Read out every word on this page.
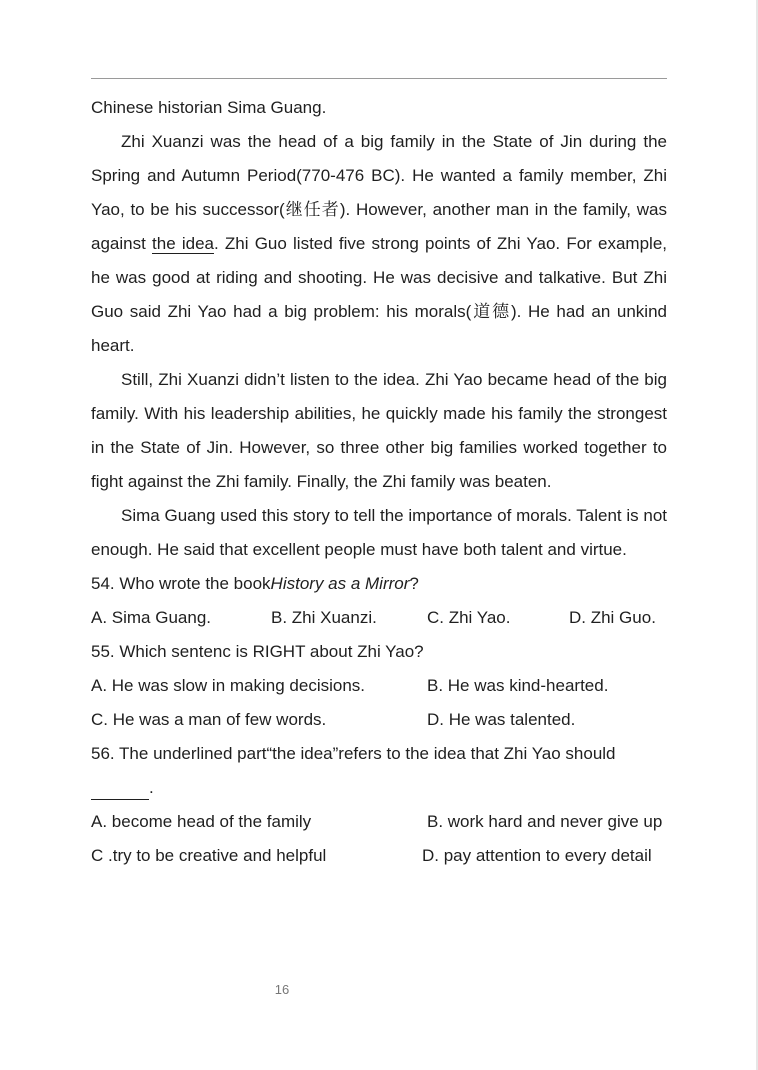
Chinese historian Sima Guang.

Zhi Xuanzi was the head of a big family in the State of Jin during the Spring and Autumn Period(770-476 BC). He wanted a family member, Zhi Yao, to be his successor(继任者). However, another man in the family, was against the idea. Zhi Guo listed five strong points of Zhi Yao. For example, he was good at riding and shooting. He was decisive and talkative. But Zhi Guo said Zhi Yao had a big problem: his morals(道德). He had an unkind heart.

Still, Zhi Xuanzi didn’t listen to the idea. Zhi Yao became head of the big family. With his leadership abilities, he quickly made his family the strongest in the State of Jin. However, so three other big families worked together to fight against the Zhi family. Finally, the Zhi family was beaten.

Sima Guang used this story to tell the importance of morals. Talent is not enough. He said that excellent people must have both talent and virtue.

54. Who wrote the book History as a Mirror ?
A. Sima Guang.	B. Zhi Xuanzi.	C. Zhi Yao.	D. Zhi Guo.
55. Which sentenc is RIGHT about Zhi Yao?
A. He was slow in making decisions.	B. He was kind-hearted.
C. He was a man of few words.	D. He was talented.
56. The underlined part“the idea”refers to the idea that Zhi Yao should
.
A. become head of the family	B. work hard and never give up
C .try to be creative and helpful	D. pay attention to every detail
16
